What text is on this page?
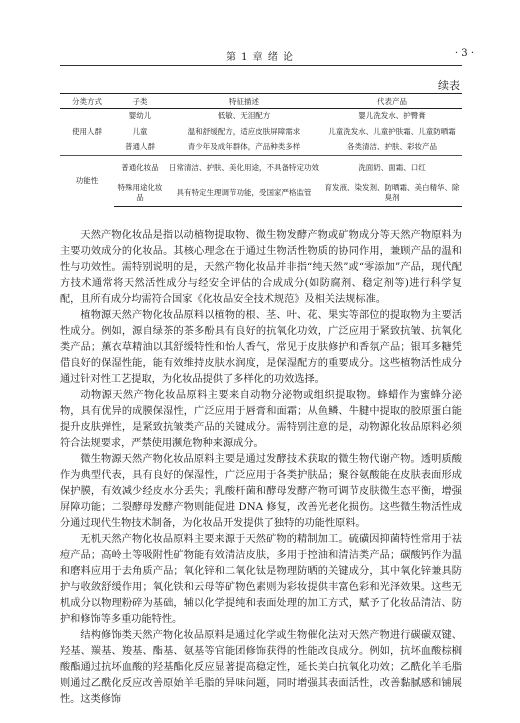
第 1 章 绪 论	· 3 ·
续表
分类方式	子类	特征描述	代表产品
使用人群	婴幼儿	低敏、无泪配方	婴儿洗发水、护臀膏
	儿童	温和舒缓配方，适应皮肤屏障需求	儿童洗发水、儿童护肤霜、儿童防晒霜
	普通人群	青少年及成年群体，产品种类多样	各类清洁、护肤、彩妆产品
功能性	普通化妆品	日常清洁、护肤、美化用途，不具备特定功效	洗面奶、面霜、口红
	特殊用途化妆品	具有特定生理调节功能，受国家严格监管	育发液、染发剂、防晒霜、美白精华、除臭剂

天然产物化妆品是指以动植物提取物、微生物发酵产物或矿物成分等天然产物原料为主要功效成分的化妆品。其核心理念在于通过生物活性物质的协同作用，兼顾产品的温和性与功效性。需特别说明的是，天然产物化妆品并非指“纯天然”或“零添加”产品，现代配方技术通常将天然活性成分与经安全评估的合成成分(如防腐剂、稳定剂等)进行科学复配，且所有成分均需符合国家《化妆品安全技术规范》及相关法规标准。

植物源天然产物化妆品原料以植物的根、茎、叶、花、果实等部位的提取物为主要活性成分。例如，源自绿茶的茶多酚具有良好的抗氧化功效，广泛应用于紧致抗皱、抗氧化类产品；薰衣草精油以其舒缓特性和怡人香气，常见于皮肤修护和香氛产品；银耳多糖凭借良好的保湿性能，能有效维持皮肤水润度，是保湿配方的重要成分。这些植物活性成分通过针对性工艺提取，为化妆品提供了多样化的功效选择。

动物源天然产物化妆品原料主要来自动物分泌物或组织提取物。蜂蜡作为蜜蜂分泌物，具有优异的成膜保湿性，广泛应用于唇膏和面霜；从鱼鳞、牛腱中提取的胶原蛋白能提升皮肤弹性，是紧致抗皱类产品的关键成分。需特别注意的是，动物源化妆品原料必须符合法规要求，严禁使用濒危物种来源成分。

微生物源天然产物化妆品原料主要是通过发酵技术获取的微生物代谢产物。透明质酸作为典型代表，具有良好的保湿性，广泛应用于各类护肤品；聚谷氨酸能在皮肤表面形成保护膜，有效减少经皮水分丢失；乳酸杆菌和酵母发酵产物可调节皮肤微生态平衡，增强屏障功能；二裂酵母发酵产物则能促进 DNA 修复，改善光老化损伤。这些微生物活性成分通过现代生物技术制备，为化妆品开发提供了独特的功能性原料。

无机天然产物化妆品原料主要来源于天然矿物的精制加工。硫磺因抑菌特性常用于祛痘产品；高岭土等吸附性矿物能有效清洁皮肤，多用于控油和清洁类产品；碳酸钙作为温和磨料应用于去角质产品；氧化锌和二氧化钛是物理防晒的关键成分，其中氧化锌兼具防护与收敛舒缓作用；氧化铁和云母等矿物色素则为彩妆提供丰富色彩和光泽效果。这些无机成分以物理粉碎为基础，辅以化学提纯和表面处理的加工方式，赋予了化妆品清洁、防护和修饰等多重功能特性。

结构修饰类天然产物化妆品原料是通过化学或生物催化法对天然产物进行碳碳双键、羟基、羰基、羧基、酯基、氨基等官能团修饰获得的性能改良成分。例如，抗坏血酸棕榈酸酯通过抗坏血酸的羟基酯化反应显著提高稳定性，延长美白抗氧化功效；乙酰化羊毛脂则通过乙酰化反应改善原始羊毛脂的异味问题，同时增强其表面活性，改善黏腻感和铺展性。这类修饰
